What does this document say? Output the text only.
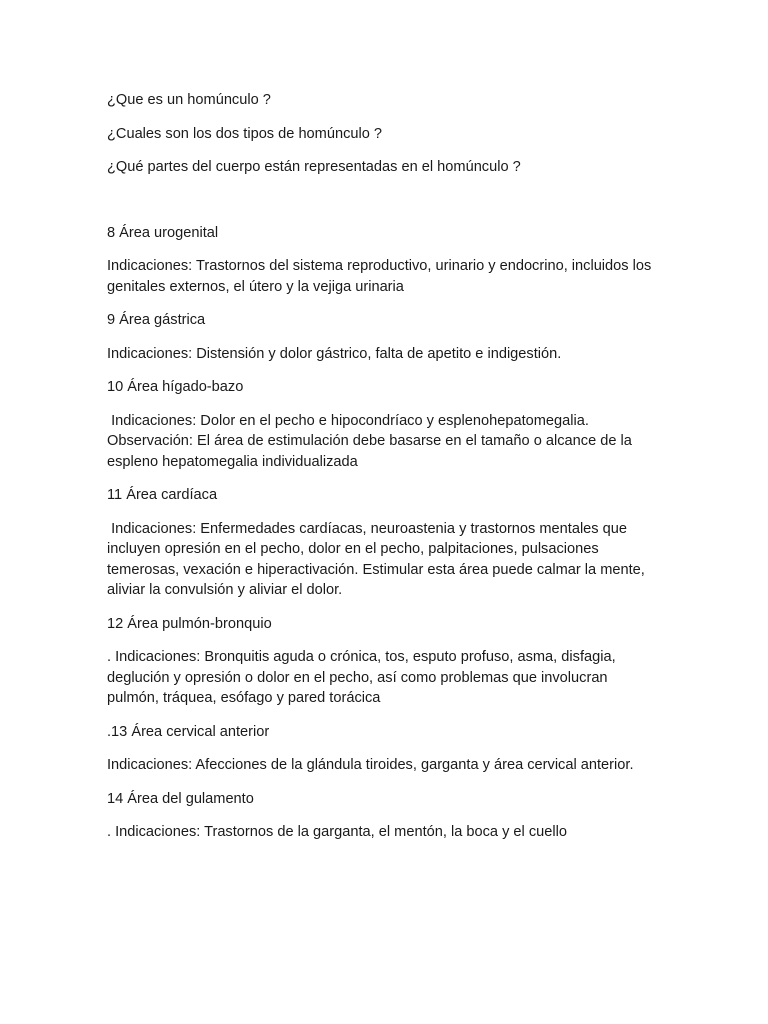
¿Que es un homúnculo ?

¿Cuales son los dos tipos de homúnculo ?

¿Qué partes del cuerpo están representadas en el homúnculo ?

8 Área urogenital

Indicaciones: Trastornos del sistema reproductivo, urinario y endocrino, incluidos los genitales externos, el útero y la vejiga urinaria

9 Área gástrica

Indicaciones: Distensión y dolor gástrico, falta de apetito e indigestión.

10 Área hígado-bazo

Indicaciones: Dolor en el pecho e hipocondríaco y esplenohepatomegalia. Observación: El área de estimulación debe basarse en el tamaño o alcance de la espleno hepatomegalia individualizada

11 Área cardíaca

Indicaciones: Enfermedades cardíacas, neuroastenia y trastornos mentales que incluyen opresión en el pecho, dolor en el pecho, palpitaciones, pulsaciones temerosas, vexación e hiperactivación. Estimular esta área puede calmar la mente, aliviar la convulsión y aliviar el dolor.

12 Área pulmón-bronquio

. Indicaciones: Bronquitis aguda o crónica, tos, esputo profuso, asma, disfagia, deglución y opresión o dolor en el pecho, así como problemas que involucran pulmón, tráquea, esófago y pared torácica

.13 Área cervical anterior

Indicaciones: Afecciones de la glándula tiroides, garganta y área cervical anterior.

14 Área del gulamento

. Indicaciones: Trastornos de la garganta, el mentón, la boca y el cuello
